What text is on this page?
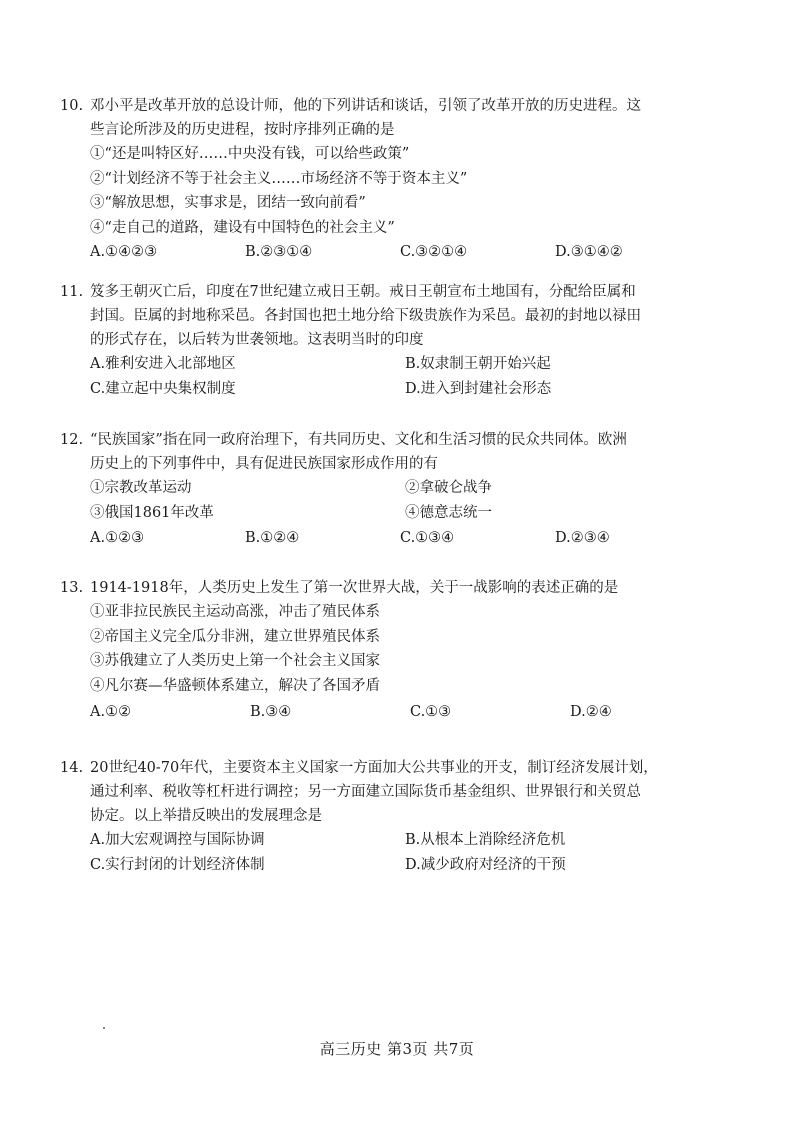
10. 邓小平是改革开放的总设计师，他的下列讲话和谈话，引领了改革开放的历史进程。这
些言论所涉及的历史进程，按时序排列正确的是
①“还是叫特区好……中央没有钱，可以给些政策”
②“计划经济不等于社会主义……市场经济不等于资本主义”
③“解放思想，实事求是，团结一致向前看”
④“走自己的道路，建设有中国特色的社会主义”
A.①④②③	B.②③①④	C.③②①④	D.③①④②
11. 笈多王朝灭亡后，印度在7世纪建立戒日王朝。戒日王朝宣布土地国有，分配给臣属和
封国。臣属的封地称采邑。各封国也把土地分给下级贵族作为采邑。最初的封地以禄田
的形式存在，以后转为世袭领地。这表明当时的印度
A.雅利安进入北部地区	B.奴隶制王朝开始兴起
C.建立起中央集权制度	D.进入到封建社会形态
12. “民族国家”指在同一政府治理下，有共同历史、文化和生活习惯的民众共同体。欧洲
历史上的下列事件中，具有促进民族国家形成作用的有
①宗教改革运动	②拿破仑战争
③俄国1861年改革	④德意志统一
A.①②③	B.①②④	C.①③④	D.②③④
13. 1914-1918年，人类历史上发生了第一次世界大战，关于一战影响的表述正确的是
①亚非拉民族民主运动高涨，冲击了殖民体系
②帝国主义完全瓜分非洲，建立世界殖民体系
③苏俄建立了人类历史上第一个社会主义国家
④凡尔赛—华盛顿体系建立，解决了各国矛盾
A.①②	B.③④	C.①③	D.②④
14. 20世纪40-70年代，主要资本主义国家一方面加大公共事业的开支，制订经济发展计划，
通过利率、税收等杠杆进行调控；另一方面建立国际货币基金组织、世界银行和关贸总
协定。以上举措反映出的发展理念是
A.加大宏观调控与国际协调	B.从根本上消除经济危机
C.实行封闭的计划经济体制	D.减少政府对经济的干预
高三历史 第3页 共7页
